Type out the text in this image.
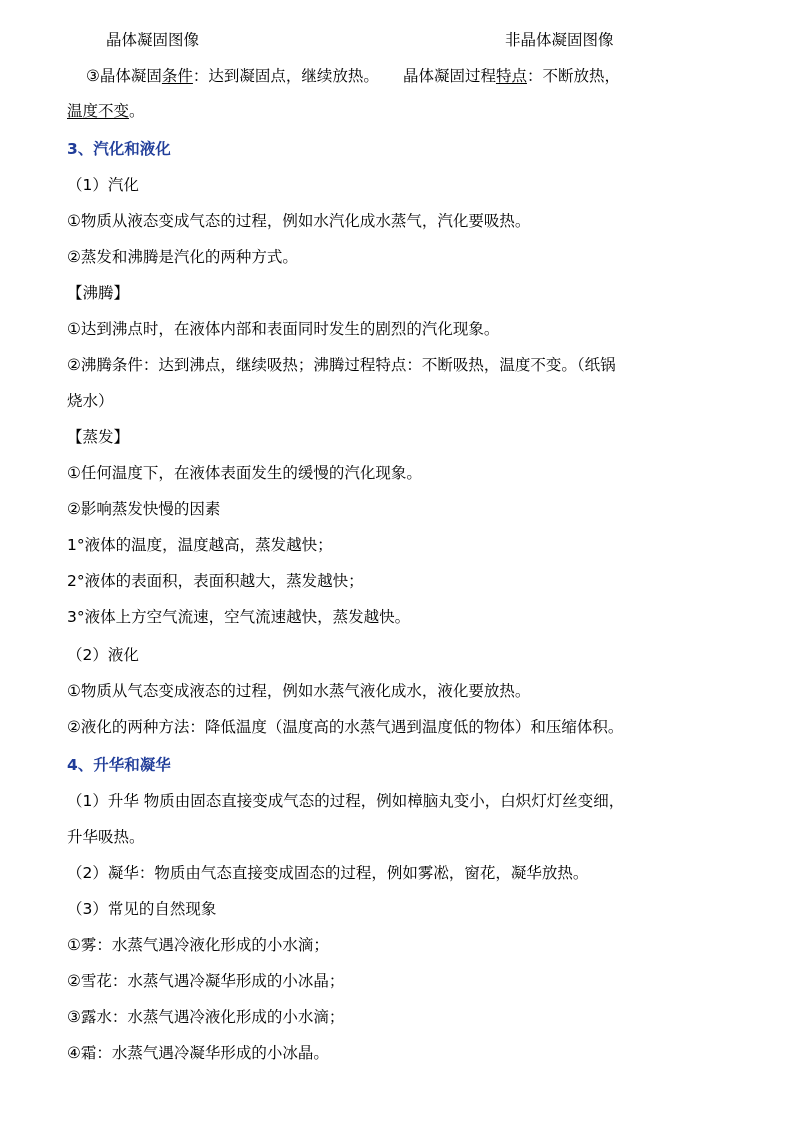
晶体凝固图像	非晶体凝固图像
③晶体凝固条件：达到凝固点，继续放热。 晶体凝固过程特点：不断放热，
温度不变。
3、汽化和液化
（1）汽化
①物质从液态变成气态的过程，例如水汽化成水蒸气，汽化要吸热。
②蒸发和沸腾是汽化的两种方式。
【沸腾】
①达到沸点时，在液体内部和表面同时发生的剧烈的汽化现象。
②沸腾条件：达到沸点，继续吸热；沸腾过程特点：不断吸热，温度不变。（纸锅
烧水）
【蒸发】
①任何温度下，在液体表面发生的缓慢的汽化现象。
②影响蒸发快慢的因素
1°液体的温度，温度越高，蒸发越快；
2°液体的表面积，表面积越大，蒸发越快；
3°液体上方空气流速，空气流速越快，蒸发越快。
（2）液化
①物质从气态变成液态的过程，例如水蒸气液化成水，液化要放热。
②液化的两种方法：降低温度（温度高的水蒸气遇到温度低的物体）和压缩体积。
4、升华和凝华
（1）升华 物质由固态直接变成气态的过程，例如樟脑丸变小，白炽灯灯丝变细，
升华吸热。
（2）凝华：物质由气态直接变成固态的过程，例如雾凇，窗花，凝华放热。
（3）常见的自然现象
①雾：水蒸气遇冷液化形成的小水滴；
②雪花：水蒸气遇冷凝华形成的小冰晶；
③露水：水蒸气遇冷液化形成的小水滴；
④霜：水蒸气遇冷凝华形成的小冰晶。
